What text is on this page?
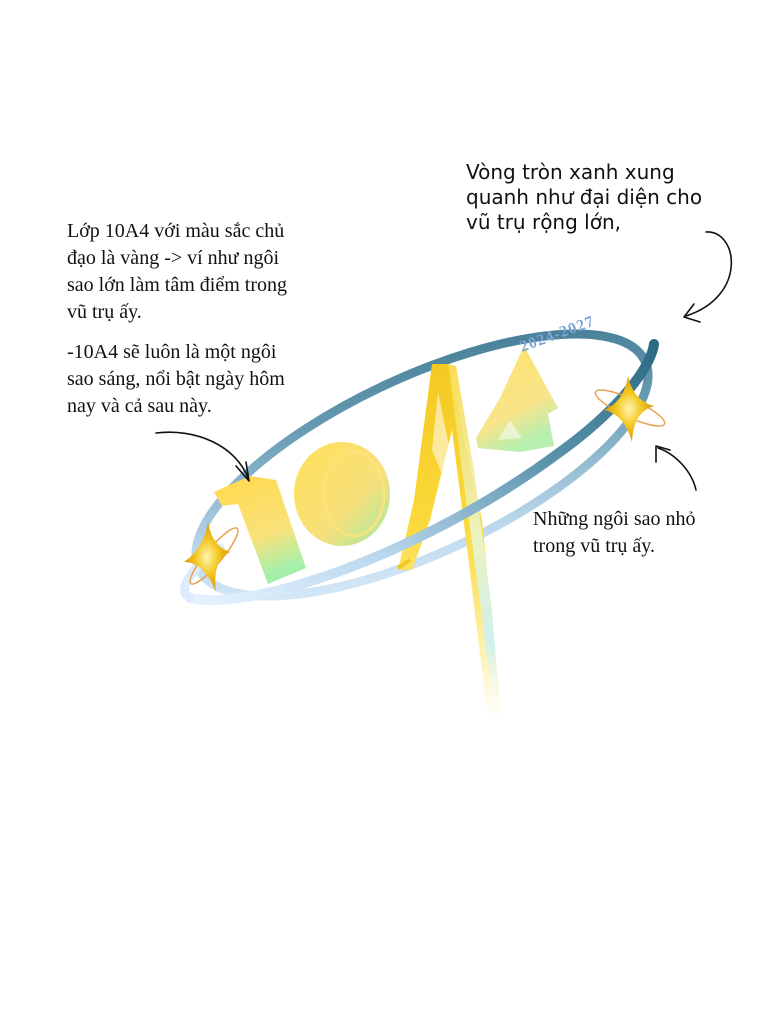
2024-2027

Lớp 10A4 với màu sắc chủ đạo là vàng -> ví như ngôi sao lớn làm tâm điểm trong vũ trụ ấy.

-10A4 sẽ luôn là một ngôi sao sáng, nổi bật ngày hôm nay và cả sau này.

Vòng tròn xanh xung quanh như đại diện cho vũ trụ rộng lớn,

Những ngôi sao nhỏ trong vũ trụ ấy.
